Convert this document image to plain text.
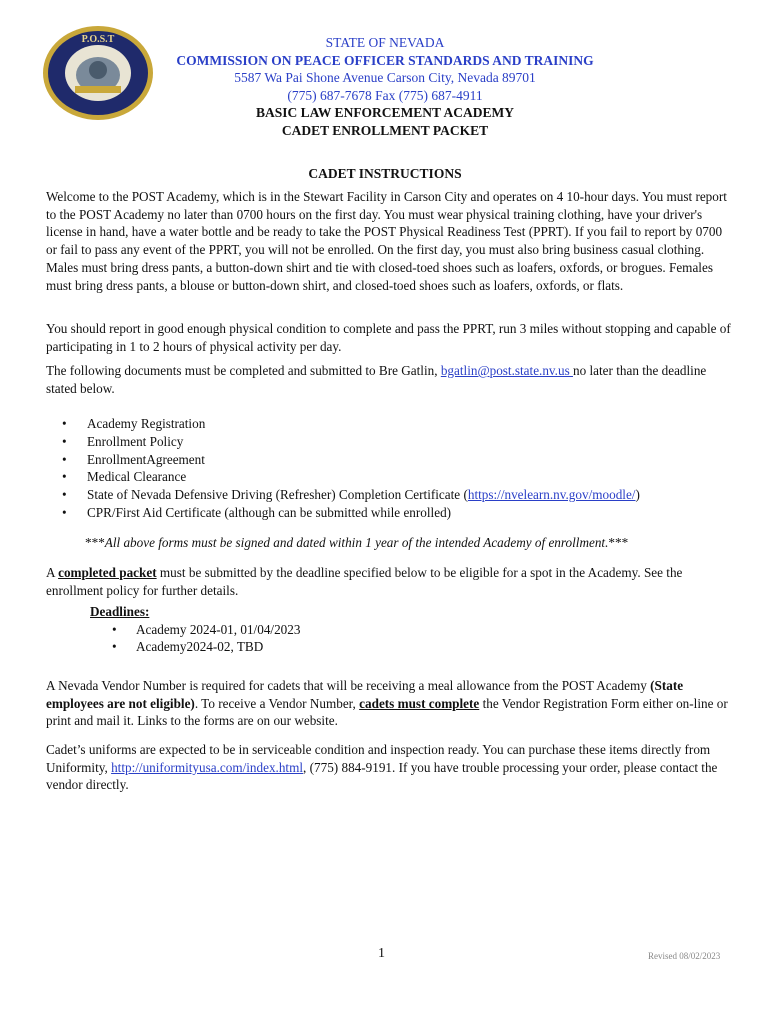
P.O.S.T	STATE OF NEVADA
COMMISSION ON PEACE OFFICER STANDARDS AND TRAINING
5587 Wa Pai Shone Avenue Carson City, Nevada 89701
(775) 687-7678 Fax (775) 687-4911
BASIC LAW ENFORCEMENT ACADEMY
CADET ENROLLMENT PACKET
CADET INSTRUCTIONS

Welcome to the POST Academy, which is in the Stewart Facility in Carson City and operates on 4 10-hour days. You must report to the POST Academy no later than 0700 hours on the first day. You must wear physical training clothing, have your driver's license in hand, have a water bottle and be ready to take the POST Physical Readiness Test (PPRT). If you fail to report by 0700 or fail to pass any event of the PPRT, you will not be enrolled. On the first day, you must also bring business casual clothing. Males must bring dress pants, a button-down shirt and tie with closed-toed shoes such as loafers, oxfords, or brogues. Females must bring dress pants, a blouse or button-down shirt, and closed-toed shoes such as loafers, oxfords, or flats.

You should report in good enough physical condition to complete and pass the PPRT, run 3 miles without stopping and capable of participating in 1 to 2 hours of physical activity per day.

The following documents must be completed and submitted to Bre Gatlin, bgatlin@post.state.nv.us no later than the deadline stated below.

• Academy Registration
• Enrollment Policy
• EnrollmentAgreement
• Medical Clearance
• State of Nevada Defensive Driving (Refresher) Completion Certificate (https://nvelearn.nv.gov/moodle/)
• CPR/First Aid Certificate (although can be submitted while enrolled)
***All above forms must be signed and dated within 1 year of the intended Academy of enrollment.***

A completed packet must be submitted by the deadline specified below to be eligible for a spot in the Academy. See the enrollment policy for further details.

Deadlines:
• Academy 2024-01, 01/04/2023
• Academy2024-02, TBD

A Nevada Vendor Number is required for cadets that will be receiving a meal allowance from the POST Academy (State employees are not eligible). To receive a Vendor Number, cadets must complete the Vendor Registration Form either on-line or print and mail it. Links to the forms are on our website.

Cadet’s uniforms are expected to be in serviceable condition and inspection ready. You can purchase these items directly from Uniformity, http://uniformityusa.com/index.html, (775) 884-9191. If you have trouble processing your order, please contact the vendor directly.

1	Revised 08/02/2023
